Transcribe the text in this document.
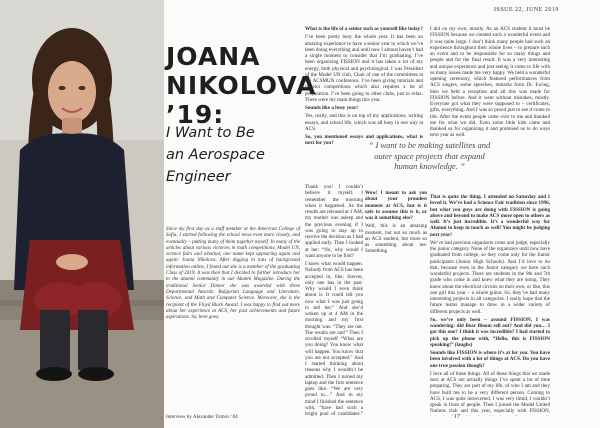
JOANA
NIKOLOVA
’19:
I Want to Be
an Aerospace
Engineer
Since my first day as a staff member at the American College of Sofia, I started following the school news even more closely, and eventually – putting many of them together myself. In many of the articles about various victories in math competitions, Model UN, science fairs and whatnot, one name kept appearing again and again: Joana Nikolova. After digging in tons of background information online, I found out she is a member of the graduating Class of 2019. It was then that I decided to further introduce her to the alumni community in our Alumni Magazine. During the traditional Senior Dinner she was awarded with three Departmental Awards: Bulgarian Language and Literature, Science, and Math and Computer Science. Moreover, she is the recipient of the Floyd Black Award. I was happy to find out more about her experience at ACS, her past achievements and future aspirations. So, here goes.
Interview by Alexander Tomov ’04
ISSUE 22, JUNE 2019

What is the life of a senior such as yourself like today?

I’ve been pretty busy the whole year. It has been an amazing experience to have a senior year in which we’ve been doing everything and until now I almost haven’t had a single moment to consider that I’m graduating. I’ve been organizing FISSION and it has taken a lot of my energy, both physical and psychological. I was President of the Model UN club, Chair of one of the committees at the ACSMUN conference, I’ve been giving tutorials and physics competitions which also requires a lot of preparation. I’ve been going to other clubs, just to relax. There were my main things this year.

Sounds like a busy year!

Yes, really, and this is on top of my applications, writing essays, and school life, which was all busy in one way at ACS.

So, you mentioned essays and applications, what is next for you?

Thank you! I couldn’t believe it myself. I remember the morning when it happened. As the results are released at 1 AM, my mother was asleep and the previous evening if I was going to stay up to receive the decision as I had applied early. Then I looked at her: “No, why would I want anyone to be first?

I knew what would happen. Nobody from ACS has been accepted in, like, forever, only one has in the past. Why would I even think about it. It could tell you now what I was just going to tell her.” And she’d woken up at 4 AM in the morning and my first thought was: “They are out. The results are out!” Then I scrolled myself “What are you doing? You know what will happen. You know that you are not accepted.” And I started thinking about reasons why I wouldn’t be admitted. Then I turned my laptop and the first sentence goes like: “We are very proud to…” And in my mind I finished the sentence with, “have had such a bright pool of candidates.”

“ I want to be making satellites and outer space projects that expand human knowledge. ”

Wow! I meant to ask you about your proudest moment at ACS, but is it safe to assume this is it, or was it something else?

Well, this is an amazing moment, but not so much as an ACS student, but more so as something about me. Something

I did on my own, mostly. As an ACS student it must be FISSION because we created such a wonderful event and it was quite large. I don’t think many people had such an experience throughout their whole lives – to prepare such an event and to be responsible for so many things and people and for the final result. It was a very interesting and unique experience and just seeing it come to life with so many issues made me very happy. We held a wonderful opening ceremony, which featured performances from ACS singers, some speeches, remarks from Dr. Ewing, then we held a reception and all this was made for FISSION before. And it went without mistakes, mostly. Everyone got what they were supposed to – certificates, gifts, everything. And I was so proud just to see it come to life. After the event people came over to me and thanked me for what we did. Even some little kids came and thanked us for organizing it and promised us to do ways next year as well.

That is quite the thing. I attended on Saturday and I loved it. We’ve had a Science Fair tradition since 1996, but what you guys are doing with FISSION is going above and beyond to make ACS more open to others as well. It’s just incredible. It’s a wonderful way for Alumni to keep in touch as well! You might be judging next year!

We’ve had previous organizers come and judge, especially the junior category. None of the organizers until now have graduated from college, so they come only for the Junior participants (Junior High Schools). And I’d love to do that, because even in the Junior category we have such wonderful projects. There are students in the 9th and 7th grade who come in and knew what they are doing. They knew about the electrical circuits on their own, or like, this one girl this year – a whole guitar. So, they’ve had many interesting projects in all categories. I really hope that the future teams manage to draw in a wider variety of different projects as well.

So, we’ve only been – around FISSION, I was wondering: did Bear Bloom sell out? And did you… I got this one? I think it was incredible? I had started to pick up the phone with, “Hello, this is FISSION speaking!” (laughs)

Sounds like FISSION is where it’s at for you. You have been involved with a lot of things at ACS. Do you have one true passion though?

I love all of these things. All of these things that we made next at ACS are actually things I’ve spent a lot of time preparing. They are part of my life, of who I am and they have built me to be a very different person. Coming to ACS, I was quite introverted, I was very timid, I couldn’t speak in front of people. Then I joined the Model United Nations club and this year, especially with FISSION,

17
